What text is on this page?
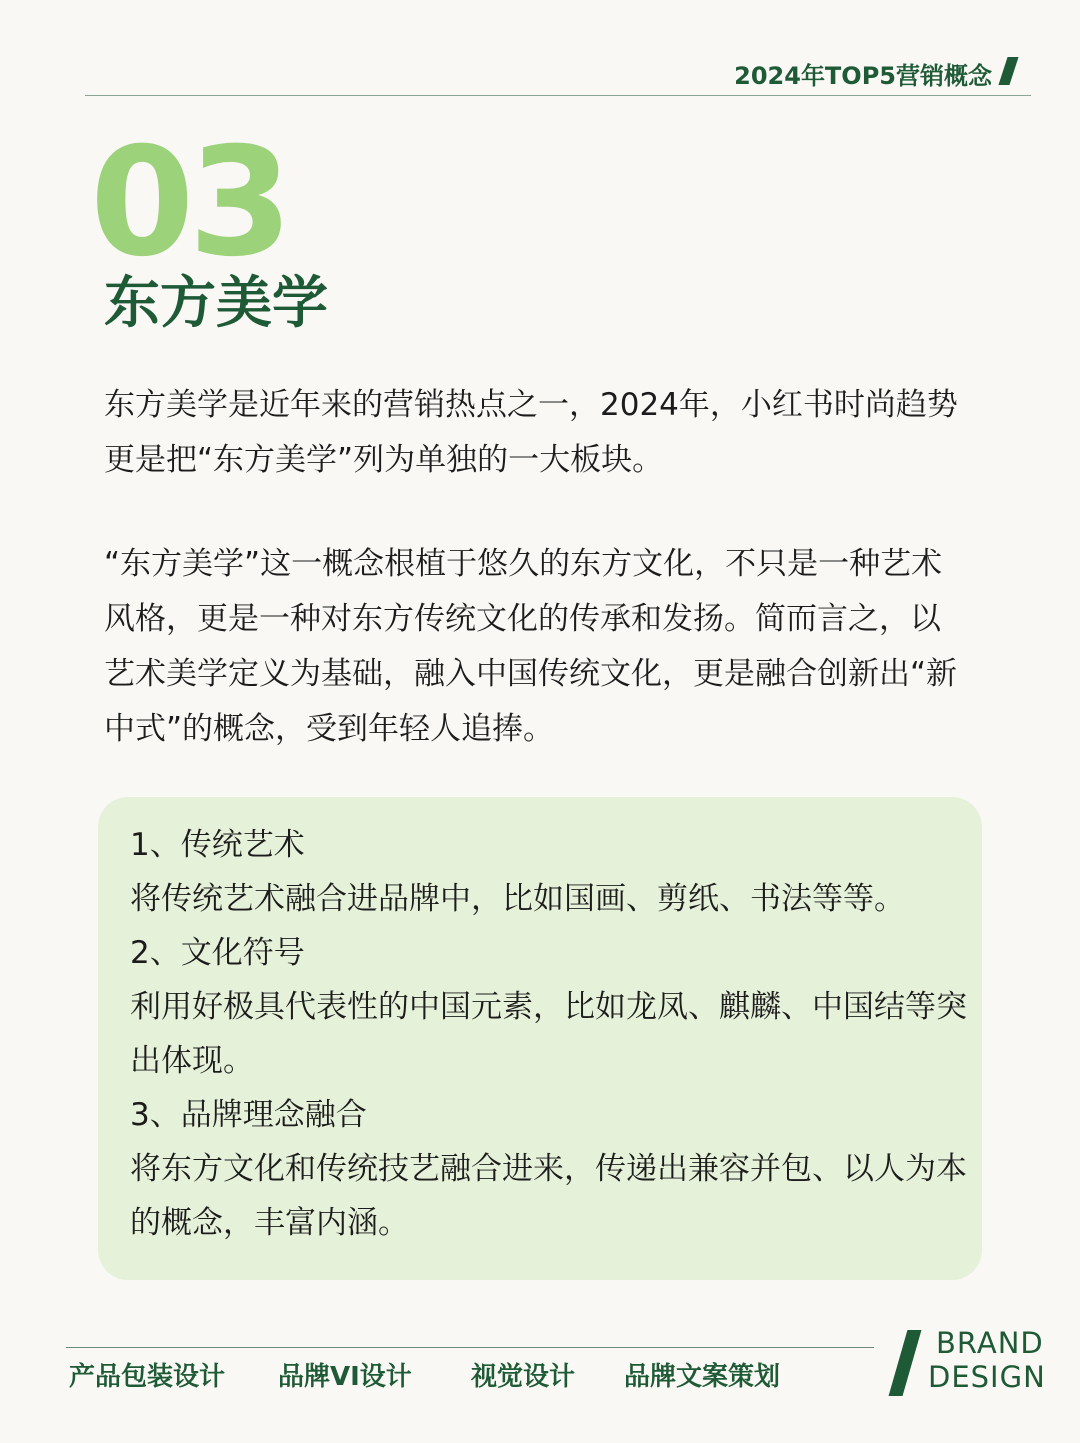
2024年TOP5营销概念
03
东方美学

东方美学是近年来的营销热点之一，2024年，小红书时尚趋势更是把“东方美学”列为单独的一大板块。

“东方美学”这一概念根植于悠久的东方文化，不只是一种艺术风格，更是一种对东方传统文化的传承和发扬。简而言之，以艺术美学定义为基础，融入中国传统文化，更是融合创新出“新中式”的概念，受到年轻人追捧。

1、传统艺术

将传统艺术融合进品牌中，比如国画、剪纸、书法等等。

2、文化符号

利用好极具代表性的中国元素，比如龙凤、麒麟、中国结等突出体现。

3、品牌理念融合

将东方文化和传统技艺融合进来，传递出兼容并包、以人为本的概念，丰富内涵。

产品包装设计 品牌VI设计 视觉设计 品牌文案策划
BRAND
DESIGN
